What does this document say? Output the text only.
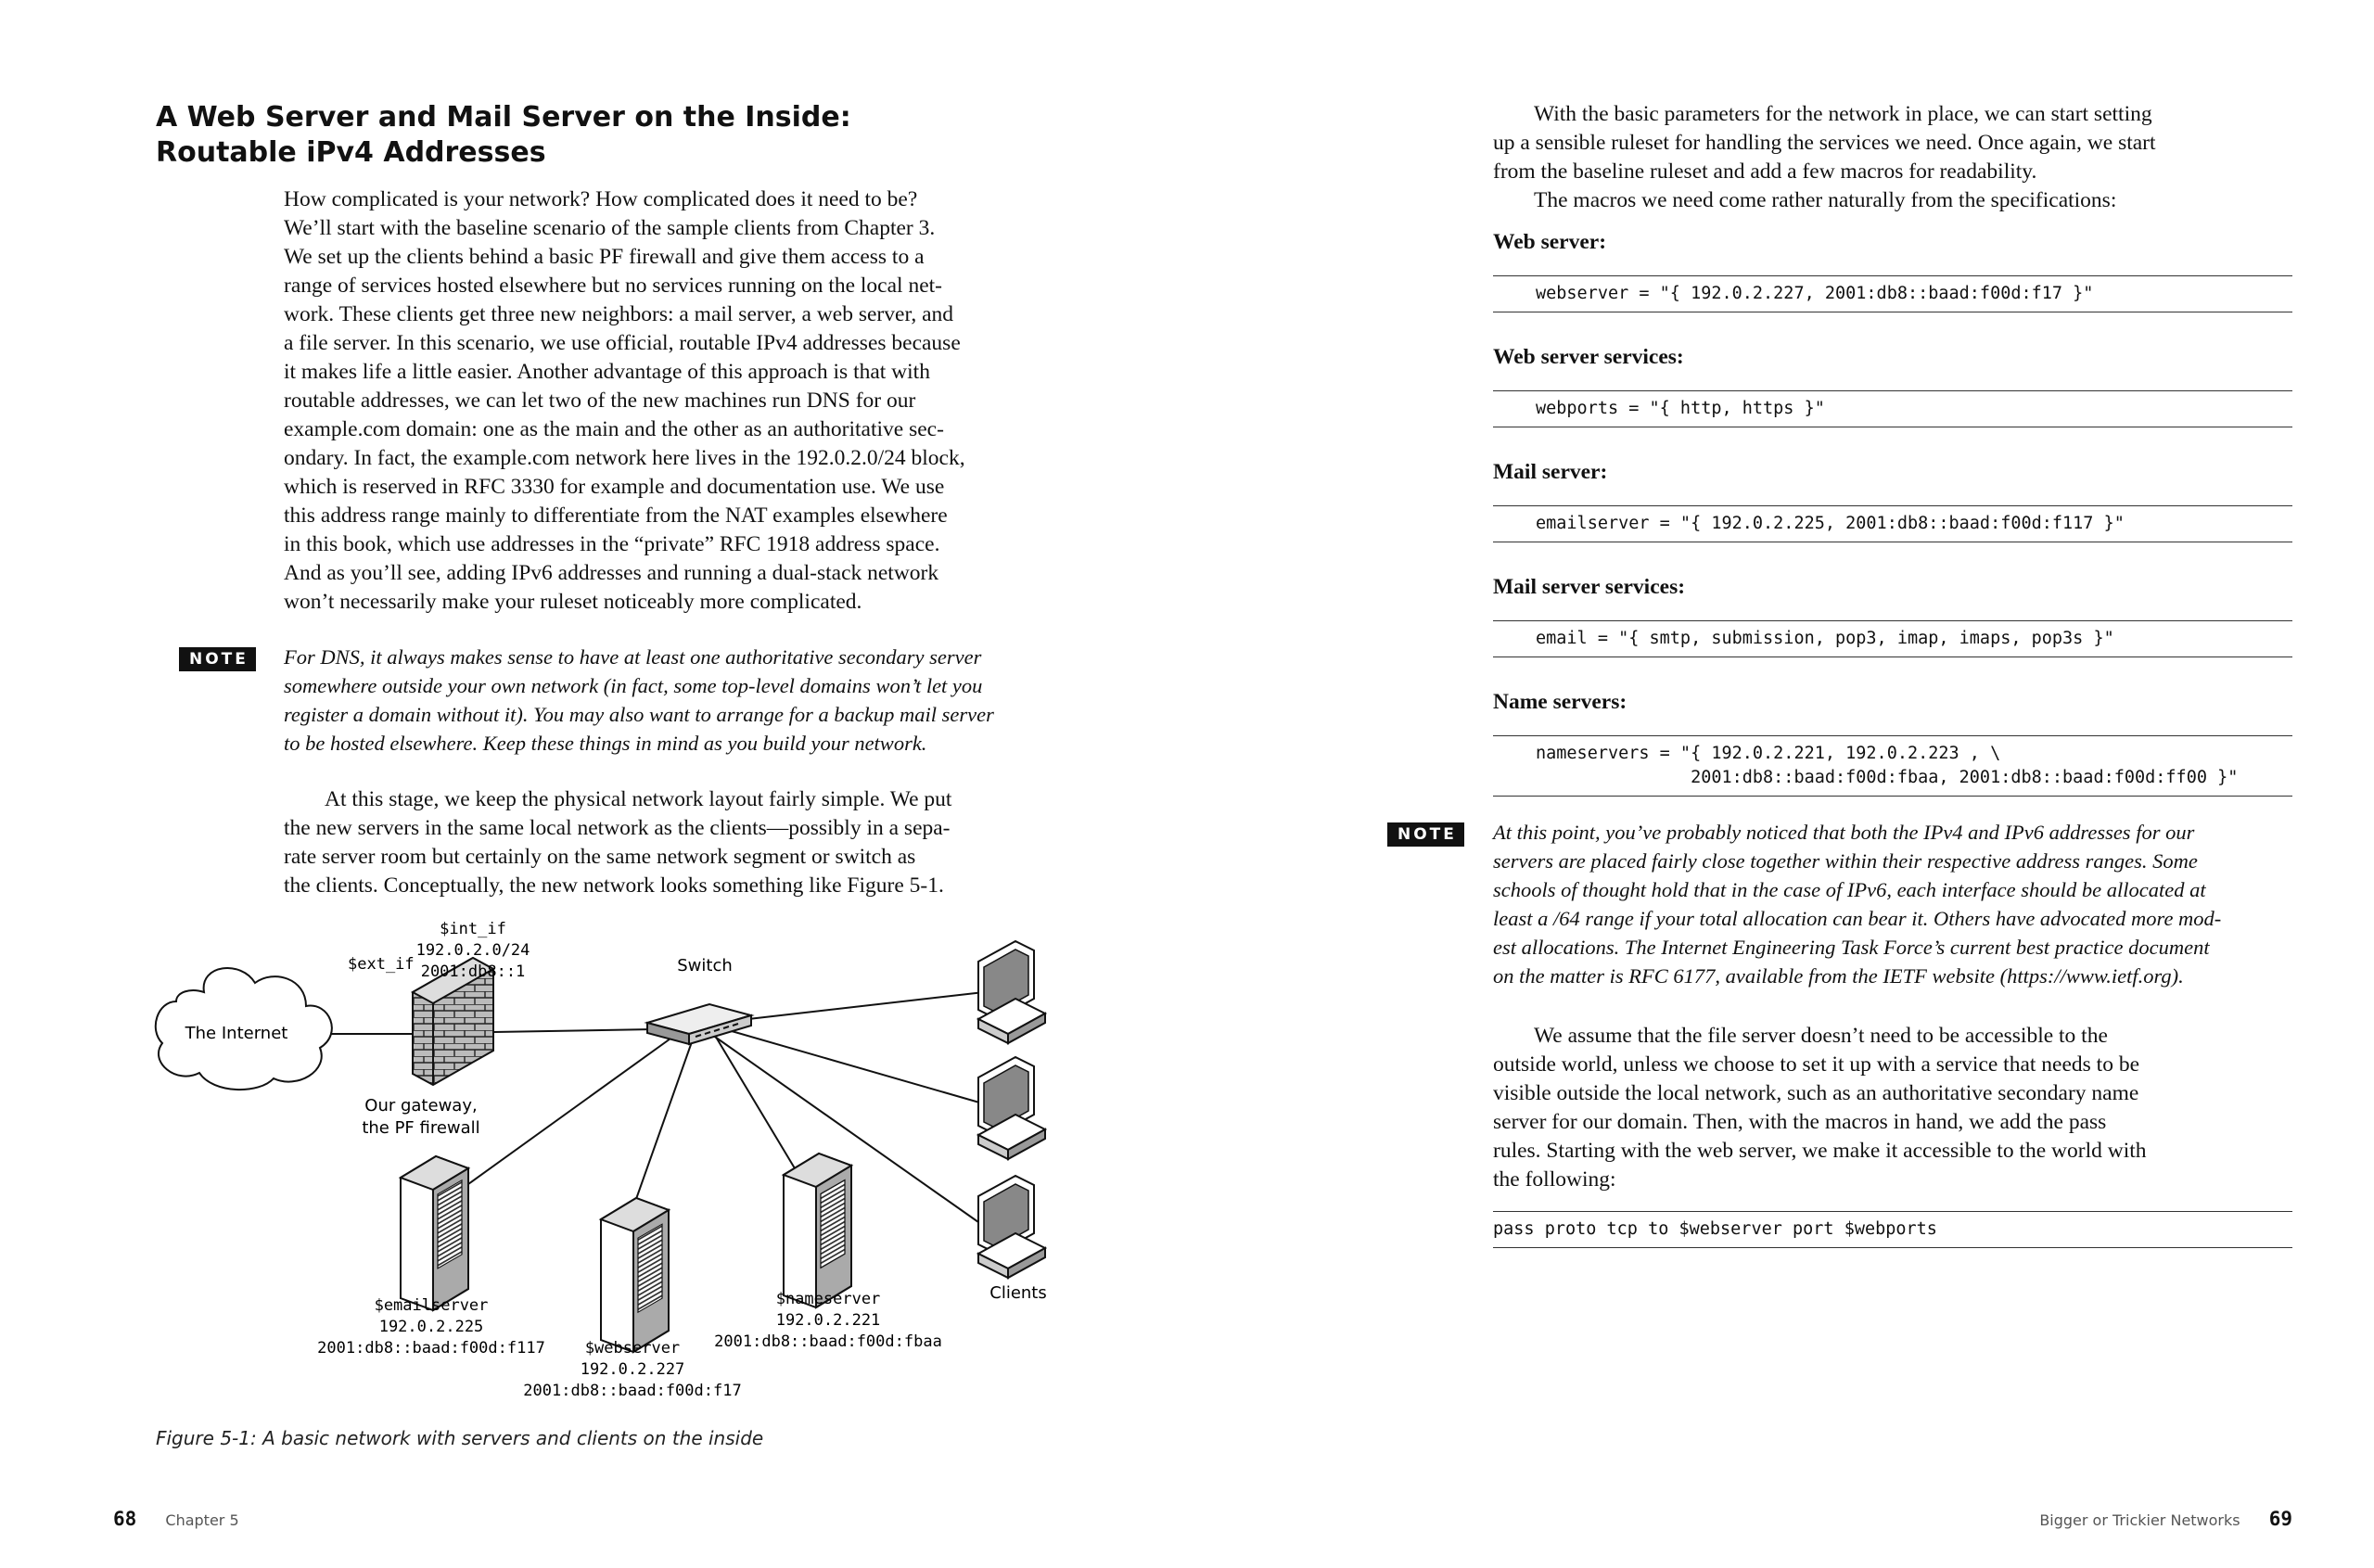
A Web Server and Mail Server on the Inside:
Routable iPv4 Addresses
How complicated is your network? How complicated does it need to be?
We’ll start with the baseline scenario of the sample clients from Chapter 3.
We set up the clients behind a basic PF firewall and give them access to a
range of services hosted elsewhere but no services running on the local net-
work. These clients get three new neighbors: a mail server, a web server, and
a file server. In this scenario, we use official, routable IPv4 addresses because
it makes life a little easier. Another advantage of this approach is that with
routable addresses, we can let two of the new machines run DNS for our
example.com domain: one as the main and the other as an authoritative sec-
ondary. In fact, the example.com network here lives in the 192.0.2.0/24 block,
which is reserved in RFC 3330 for example and documentation use. We use
this address range mainly to differentiate from the NAT examples elsewhere
in this book, which use addresses in the “private” RFC 1918 address space.
And as you’ll see, adding IPv6 addresses and running a dual-stack network
won’t necessarily make your ruleset noticeably more complicated.
NOTE	For DNS, it always makes sense to have at least one authoritative secondary server
somewhere outside your own network (in fact, some top-level domains won’t let you
register a domain without it). You may also want to arrange for a backup mail server
to be hosted elsewhere. Keep these things in mind as you build your network.
At this stage, we keep the physical network layout fairly simple. We put
the new servers in the same local network as the clients—possibly in a sepa-
rate server room but certainly on the same network segment or switch as
the clients. Conceptually, the new network looks something like Figure 5-1.
The Internet
$ext_if
$int_if
192.0.2.0/24
2001:db8::1
Our gateway,
the PF firewall
Switch
$emailserver
192.0.2.225
2001:db8::baad:f00d:f117	$webserver
192.0.2.227
2001:db8::baad:f00d:f17
$nameserver
192.0.2.221
2001:db8::baad:f00d:fbaa
Clients

Figure 5-1: A basic network with servers and clients on the inside

68 Chapter 5
With the basic parameters for the network in place, we can start setting
up a sensible ruleset for handling the services we need. Once again, we start
from the baseline ruleset and add a few macros for readability.
The macros we need come rather naturally from the specifications:

Web server:

webserver = "{ 192.0.2.227, 2001:db8::baad:f00d:f17 }"

Web server services:

webports = "{ http, https }"

Mail server:

emailserver = "{ 192.0.2.225, 2001:db8::baad:f00d:f117 }"

Mail server services:

email = "{ smtp, submission, pop3, imap, imaps, pop3s }"

Name servers:

nameservers = "{ 192.0.2.221, 192.0.2.223 , \
2001:db8::baad:f00d:fbaa, 2001:db8::baad:f00d:ff00 }"
NOTE	At this point, you’ve probably noticed that both the IPv4 and IPv6 addresses for our
servers are placed fairly close together within their respective address ranges. Some
schools of thought hold that in the case of IPv6, each interface should be allocated at
least a /64 range if your total allocation can bear it. Others have advocated more mod-
est allocations. The Internet Engineering Task Force’s current best practice document
on the matter is RFC 6177, available from the IETF website (https://www.ietf.org).
We assume that the file server doesn’t need to be accessible to the
outside world, unless we choose to set it up with a service that needs to be
visible outside the local network, such as an authoritative secondary name
server for our domain. Then, with the macros in hand, we add the pass
rules. Starting with the web server, we make it accessible to the world with
the following:
pass proto tcp to $webserver port $webports
Bigger or Trickier Networks 69
